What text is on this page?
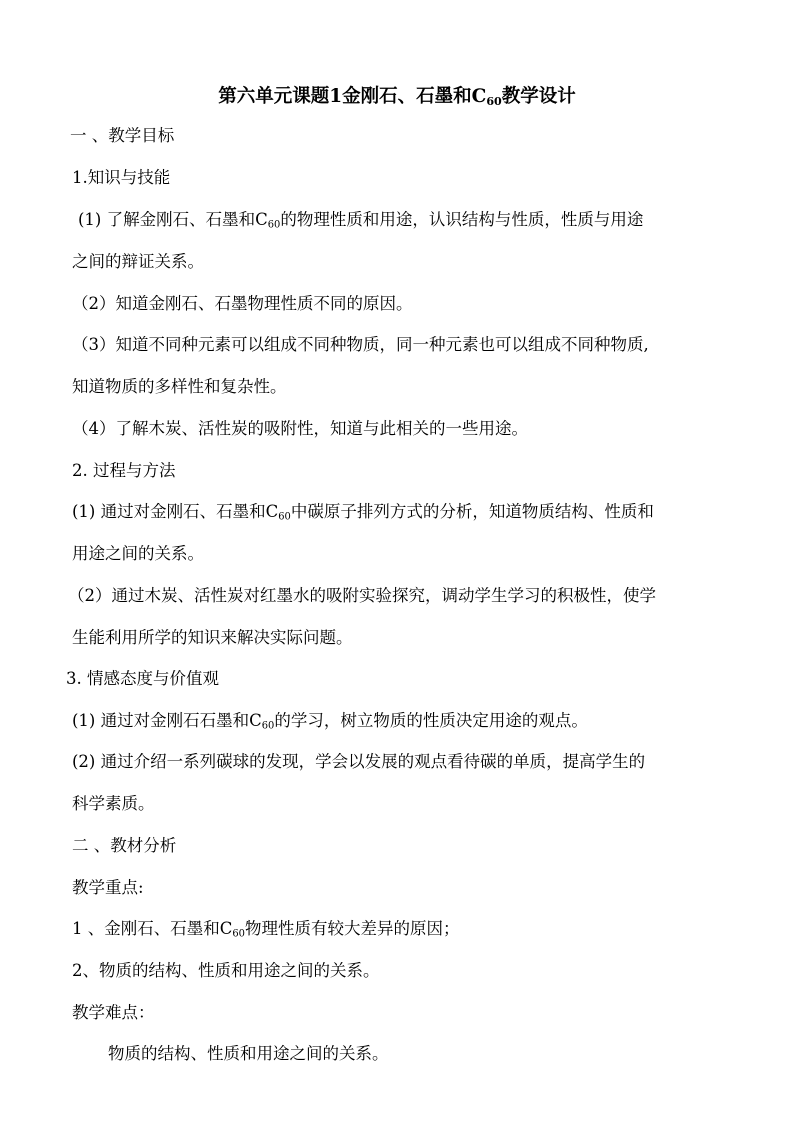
第六单元课题1金刚石、石墨和$C_{60}$教学设计
一 、教学目标
1.知识与技能
(1) 了解金刚石、石墨和$C_{60}$的物理性质和用途，认识结构与性质，性质与用途
之间的辩证关系。
（2）知道金刚石、石墨物理性质不同的原因。
（3）知道不同种元素可以组成不同种物质，同一种元素也可以组成不同种物质,
知道物质的多样性和复杂性。
（4）了解木炭、活性炭的吸附性，知道与此相关的一些用途。
2. 过程与方法
(1) 通过对金刚石、石墨和$C_{60}$中碳原子排列方式的分析，知道物质结构、性质和
用途之间的关系。
（2）通过木炭、活性炭对红墨水的吸附实验探究，调动学生学习的积极性，使学
生能利用所学的知识来解决实际问题。
3. 情感态度与价值观
(1) 通过对金刚石石墨和$C_{60}$的学习，树立物质的性质决定用途的观点。
(2) 通过介绍一系列碳球的发现，学会以发展的观点看待碳的单质，提高学生的
科学素质。
二 、教材分析
教学重点:
1 、金刚石、石墨和$C_{60}$物理性质有较大差异的原因；
2、物质的结构、性质和用途之间的关系。
教学难点：
物质的结构、性质和用途之间的关系。
